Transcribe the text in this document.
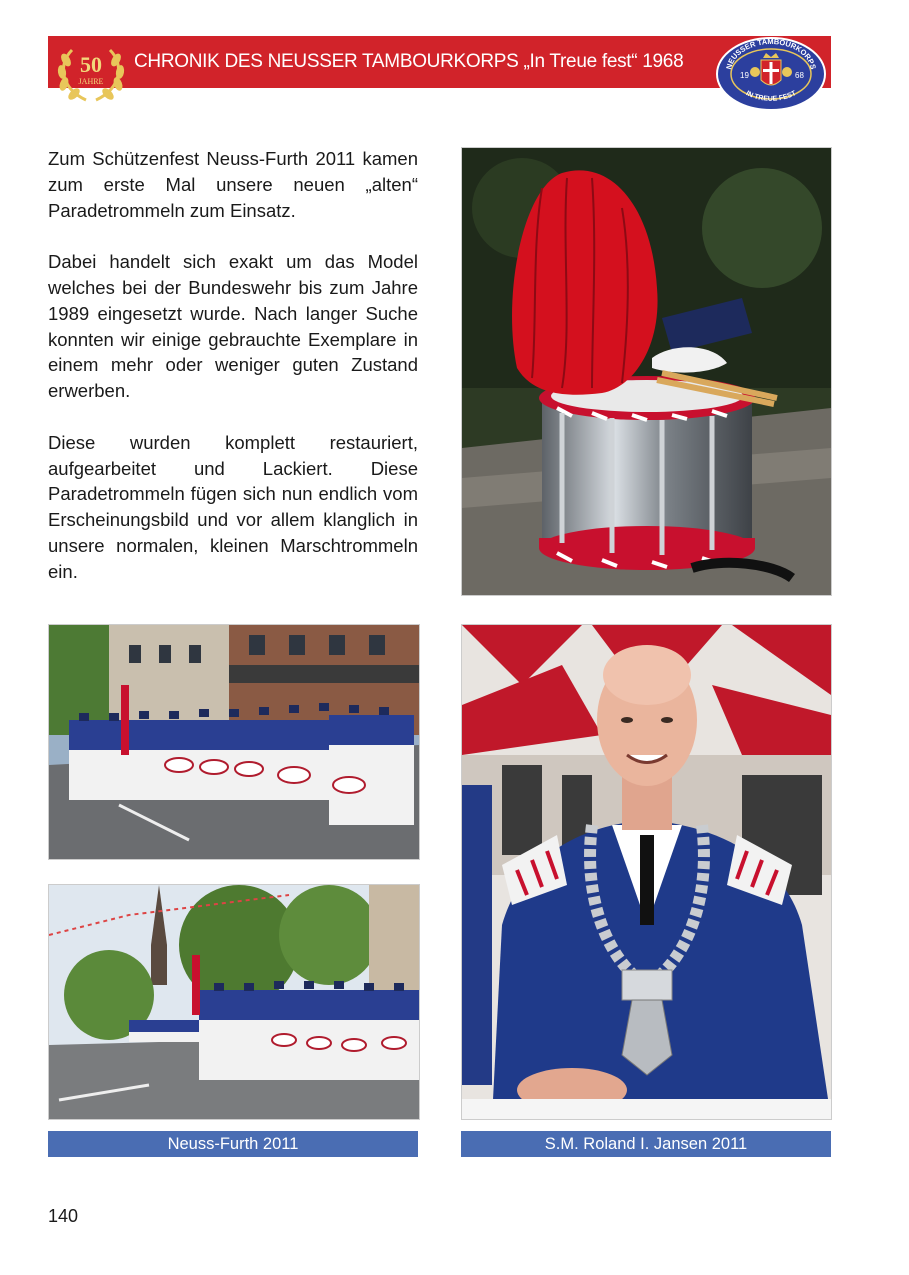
50
JAHRE
CHRONIK DES NEUSSER TAMBOURKORPS „In Treue fest“ 1968	NEUSSER TAMBOURKORPS
IN TREUE FEST
19	68

Zum Schützenfest Neuss-Furth 2011 kamen zum erste Mal unsere neuen „alten“ Paradetrommeln zum Einsatz.

Dabei handelt sich exakt um das Model welches bei der Bundeswehr bis zum Jahre 1989 eingesetzt wurde. Nach langer Suche konnten wir einige gebrauchte Exemplare in einem mehr oder weniger guten Zustand erwerben.

Diese wurden komplett restauriert, aufgearbeitet und Lackiert. Diese Paradetrommeln fügen sich nun endlich vom Erscheinungsbild und vor allem klanglich in unsere normalen, kleinen Marschtrommeln ein.

Neuss-Furth 2011	S.M. Roland I. Jansen 2011
140
